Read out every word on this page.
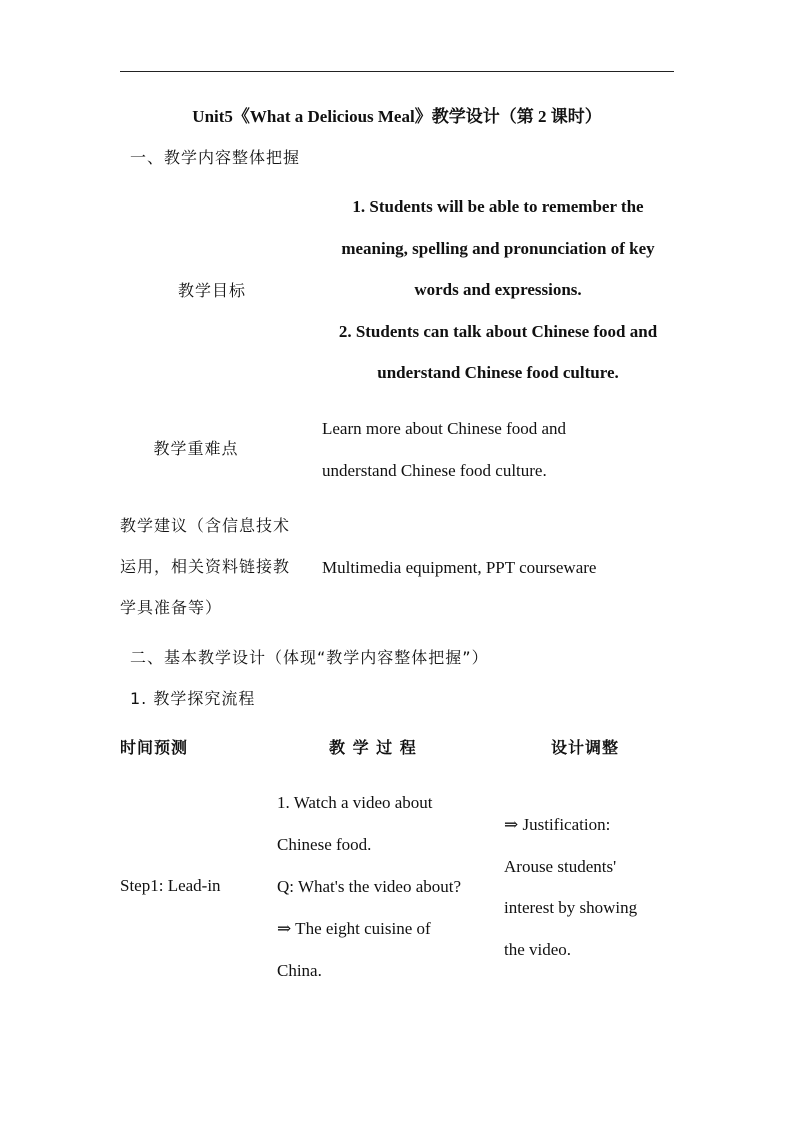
Unit5《What a Delicious Meal》教学设计（第 2 课时）
一、教学内容整体把握
教学目标
1. Students will be able to remember the
meaning, spelling and pronunciation of key
words and expressions.
2. Students can talk about Chinese food and
understand Chinese food culture.
教学重难点
Learn more about Chinese food and
understand Chinese food culture.
教学建议（含信息技术
运用，相关资料链接教
学具准备等）
Multimedia equipment, PPT courseware
二、基本教学设计（体现“教学内容整体把握”）
1. 教学探究流程
时间预测	教 学 过 程	设计调整
Step1: Lead-in
1. Watch a video about
Chinese food.
Q: What's the video about?
⇒ The eight cuisine of
China.
⇒ Justification:
Arouse students'
interest by showing
the video.
